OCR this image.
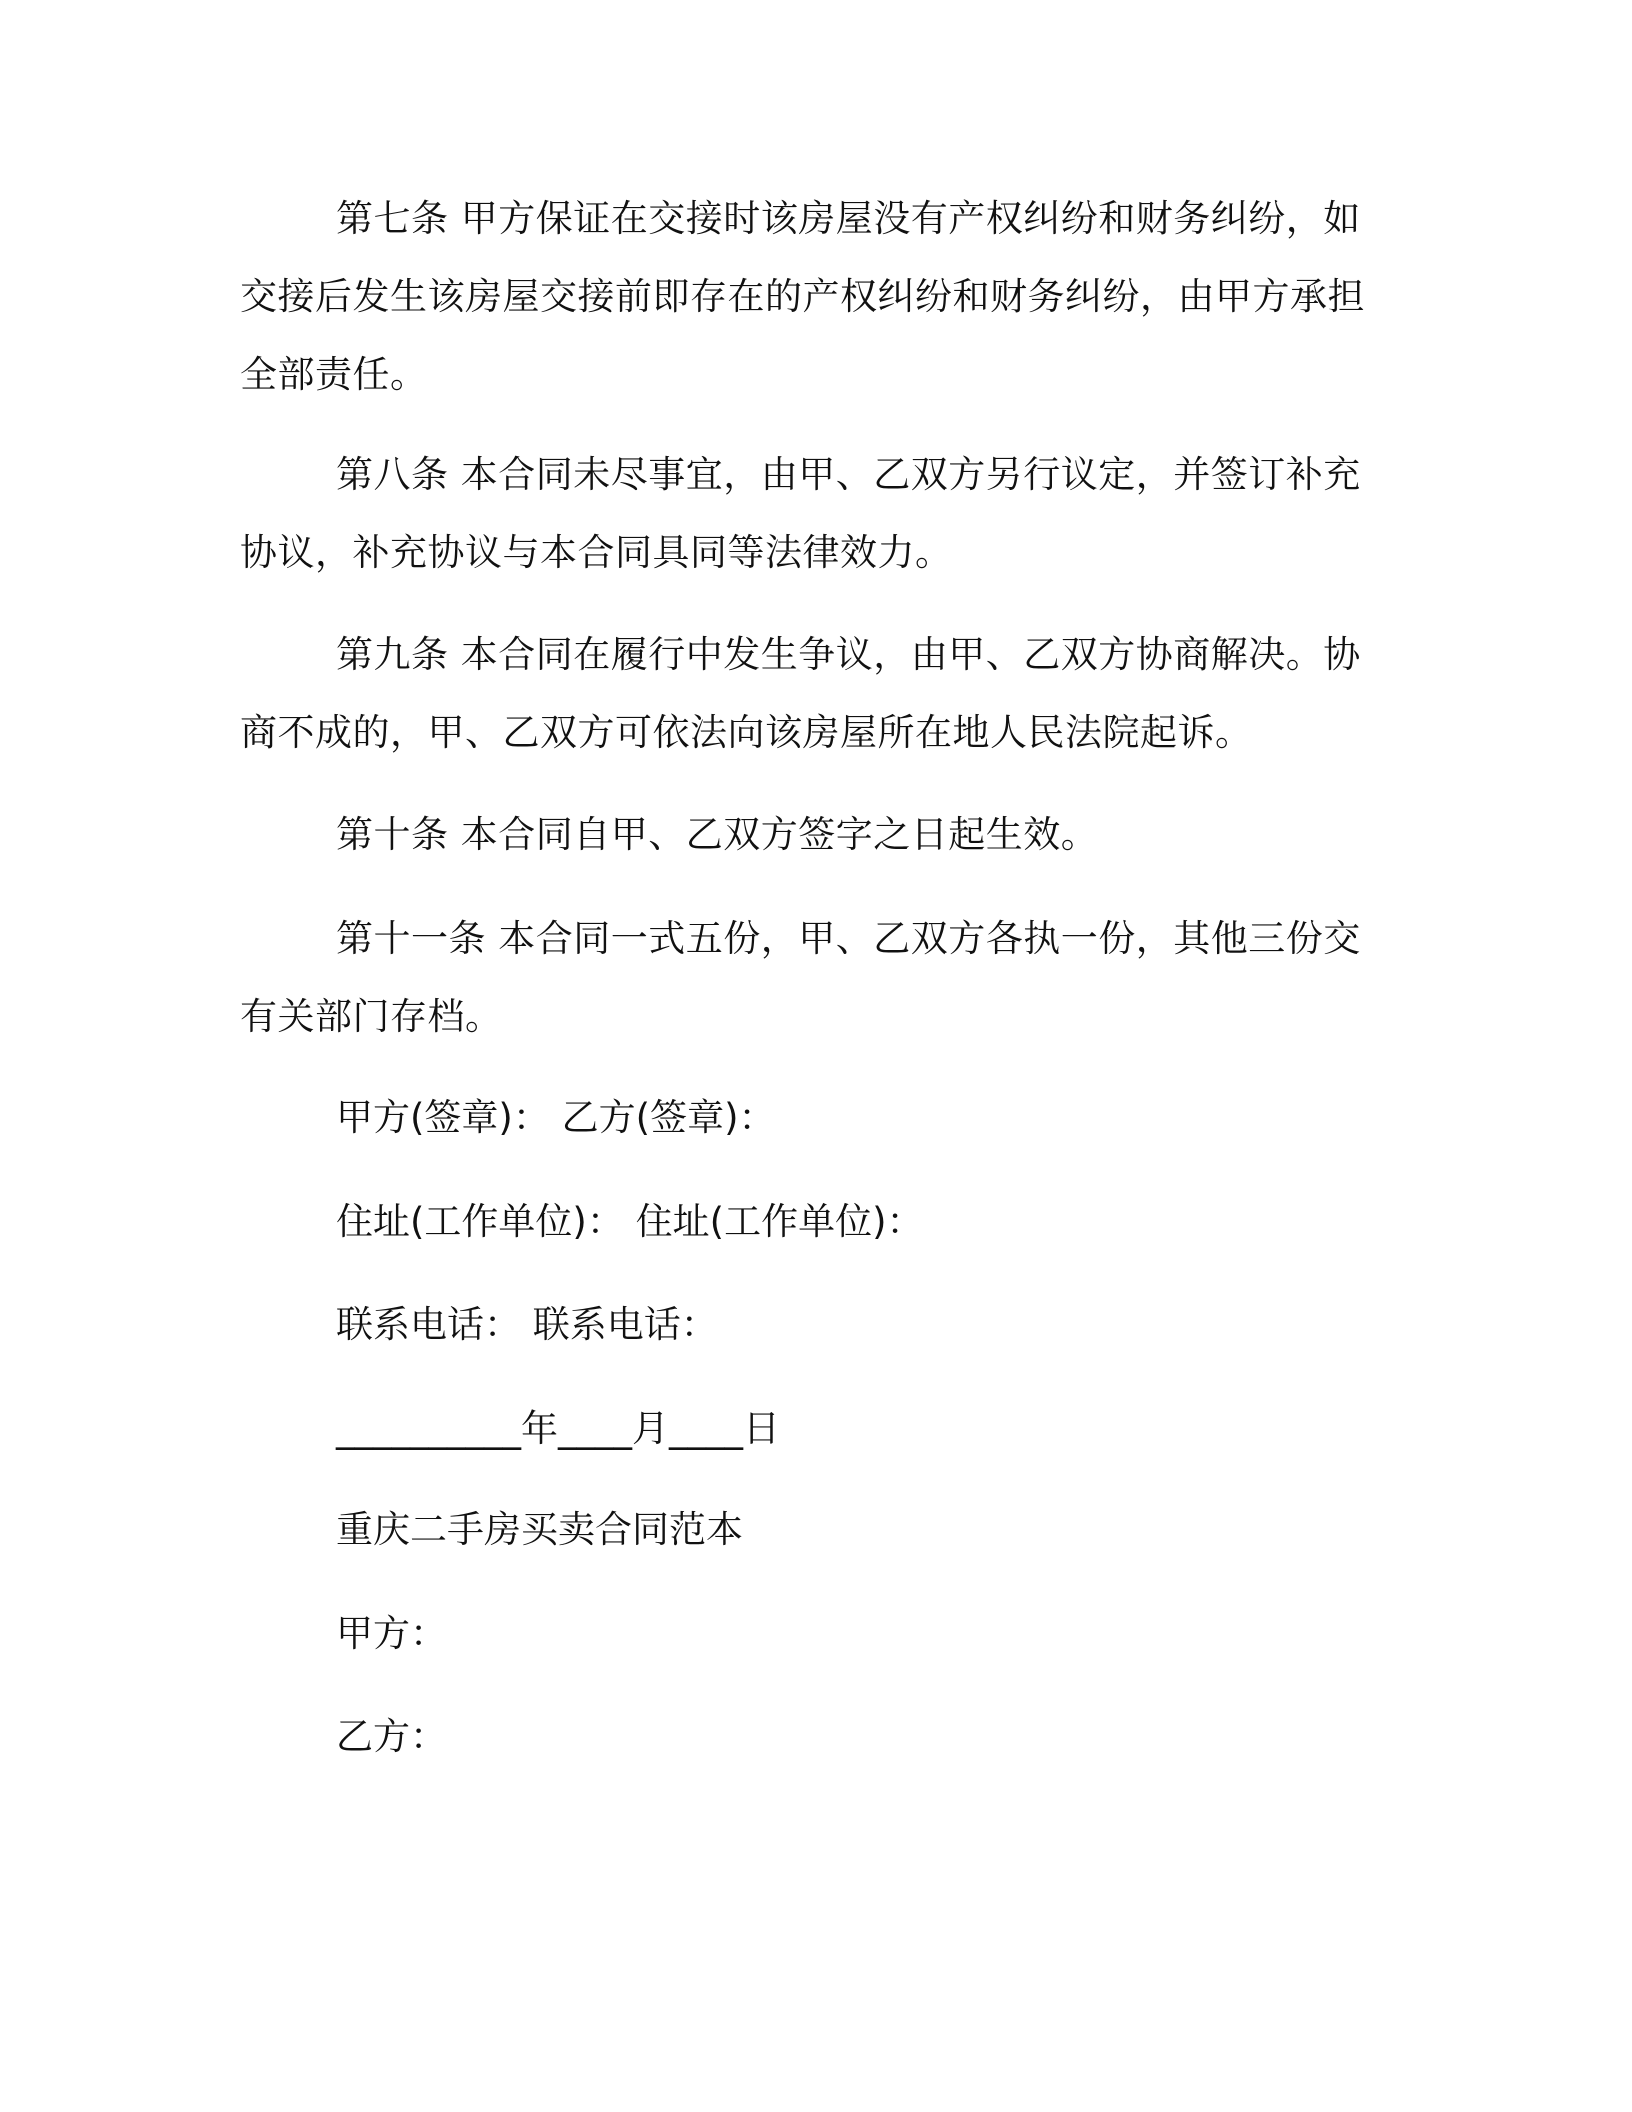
第七条 甲方保证在交接时该房屋没有产权纠纷和财务纠纷，如交接后发生该房屋交接前即存在的产权纠纷和财务纠纷，由甲方承担全部责任。

第八条 本合同未尽事宜，由甲、乙双方另行议定，并签订补充协议，补充协议与本合同具同等法律效力。

第九条 本合同在履行中发生争议，由甲、乙双方协商解决。协商不成的，甲、乙双方可依法向该房屋所在地人民法院起诉。

第十条 本合同自甲、乙双方签字之日起生效。

第十一条 本合同一式五份，甲、乙双方各执一份，其他三份交有关部门存档。

甲方(签章)： 乙方(签章)：

住址(工作单位)： 住址(工作单位)：

联系电话： 联系电话：

__________年____月____日

重庆二手房买卖合同范本

甲方：

乙方：
